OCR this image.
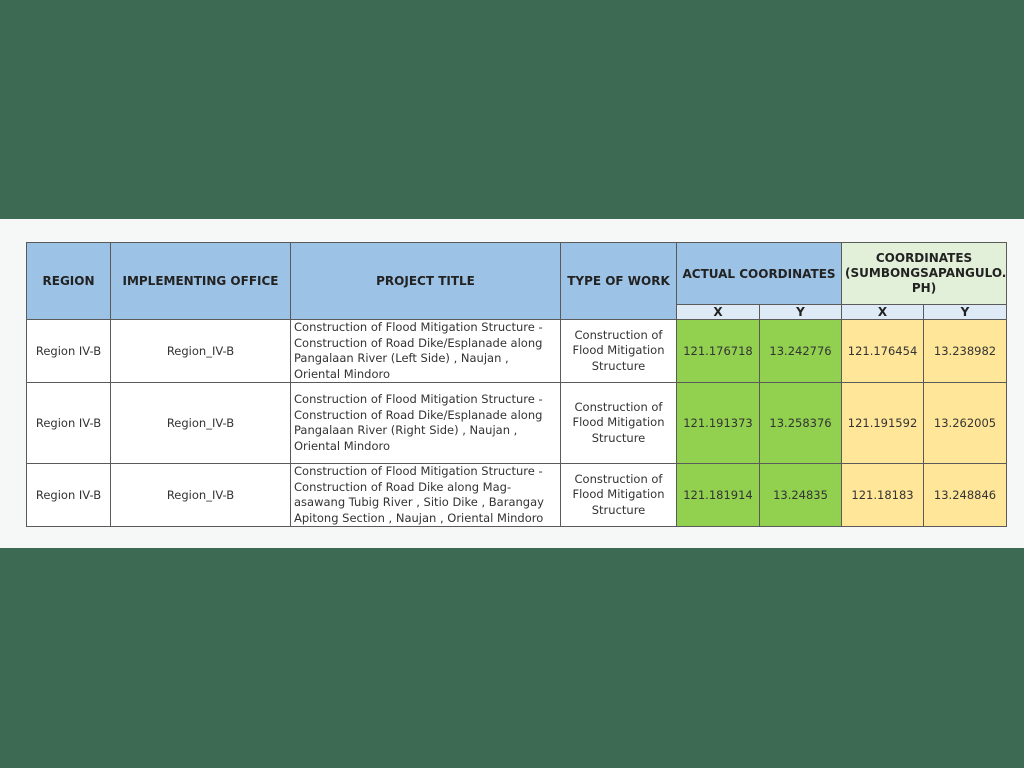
REGION	IMPLEMENTING OFFICE	PROJECT TITLE	TYPE OF WORK	ACTUAL COORDINATES		COORDINATES (SUMBONGSAPANGULO. PH)	
				X	Y	X	Y
Region IV-B	Region_IV-B	Construction of Flood Mitigation Structure - Construction of Road Dike/Esplanade along Pangalaan River (Left Side) , Naujan , Oriental Mindoro	Construction of Flood Mitigation Structure	121.176718	13.242776	121.176454	13.238982
Region IV-B	Region_IV-B	Construction of Flood Mitigation Structure - Construction of Road Dike/Esplanade along Pangalaan River (Right Side) , Naujan , Oriental Mindoro	Construction of Flood Mitigation Structure	121.191373	13.258376	121.191592	13.262005
Region IV-B	Region_IV-B	Construction of Flood Mitigation Structure - Construction of Road Dike along Mag-asawang Tubig River , Sitio Dike , Barangay Apitong Section , Naujan , Oriental Mindoro	Construction of Flood Mitigation Structure	121.181914	13.24835	121.18183	13.248846
